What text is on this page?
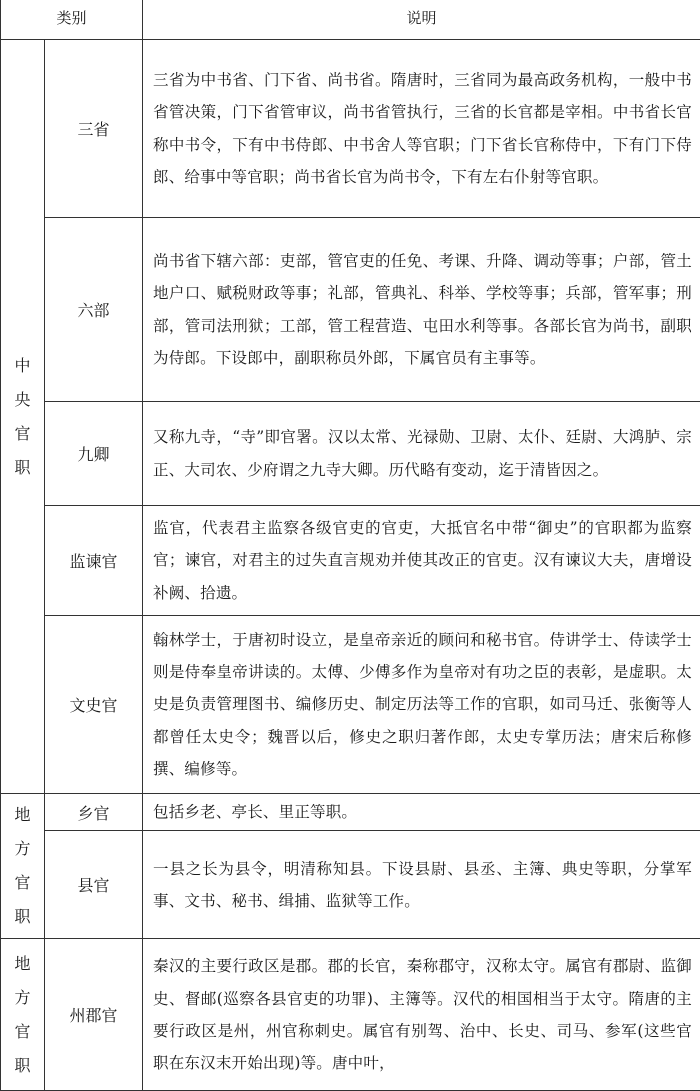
类别		说明

中
央
官
职	三省	三省为中书省、门下省、尚书省。隋唐时，三省同为最高政务机构，一般中书省管决策，门下省管审议，尚书省管执行，三省的长官都是宰相。中书省长官称中书令，下有中书侍郎、中书舍人等官职；门下省长官称侍中，下有门下侍郎、给事中等官职；尚书省长官为尚书令，下有左右仆射等官职。
	六部	尚书省下辖六部：吏部，管官吏的任免、考课、升降、调动等事；户部，管土地户口、赋税财政等事；礼部，管典礼、科举、学校等事；兵部，管军事；刑部，管司法刑狱；工部，管工程营造、屯田水利等事。各部长官为尚书，副职为侍郎。下设郎中，副职称员外郎，下属官员有主事等。
	九卿	又称九寺，“寺”即官署。汉以太常、光禄勋、卫尉、太仆、廷尉、大鸿胪、宗正、大司农、少府谓之九寺大卿。历代略有变动，迄于清皆因之。
	监谏官	监官，代表君主监察各级官吏的官吏，大抵官名中带“御史”的官职都为监察官；谏官，对君主的过失直言规劝并使其改正的官吏。汉有谏议大夫，唐增设补阙、拾遗。
	文史官	翰林学士，于唐初时设立，是皇帝亲近的顾问和秘书官。侍讲学士、侍读学士则是侍奉皇帝讲读的。太傅、少傅多作为皇帝对有功之臣的表彰，是虚职。太史是负责管理图书、编修历史、制定历法等工作的官职，如司马迁、张衡等人都曾任太史令；魏晋以后，修史之职归著作郎，太史专掌历法；唐宋后称修撰、编修等。

地
方
官
职	乡官	包括乡老、亭长、里正等职。
	县官	一县之长为县令，明清称知县。下设县尉、县丞、主簿、典史等职，分掌军事、文书、秘书、缉捕、监狱等工作。

地
方
官
职	州郡官	秦汉的主要行政区是郡。郡的长官，秦称郡守，汉称太守。属官有郡尉、监御史、督邮(巡察各县官吏的功罪)、主簿等。汉代的相国相当于太守。隋唐的主要行政区是州，州官称刺史。属官有别驾、治中、长史、司马、参军(这些官职在东汉末开始出现)等。唐中叶，
